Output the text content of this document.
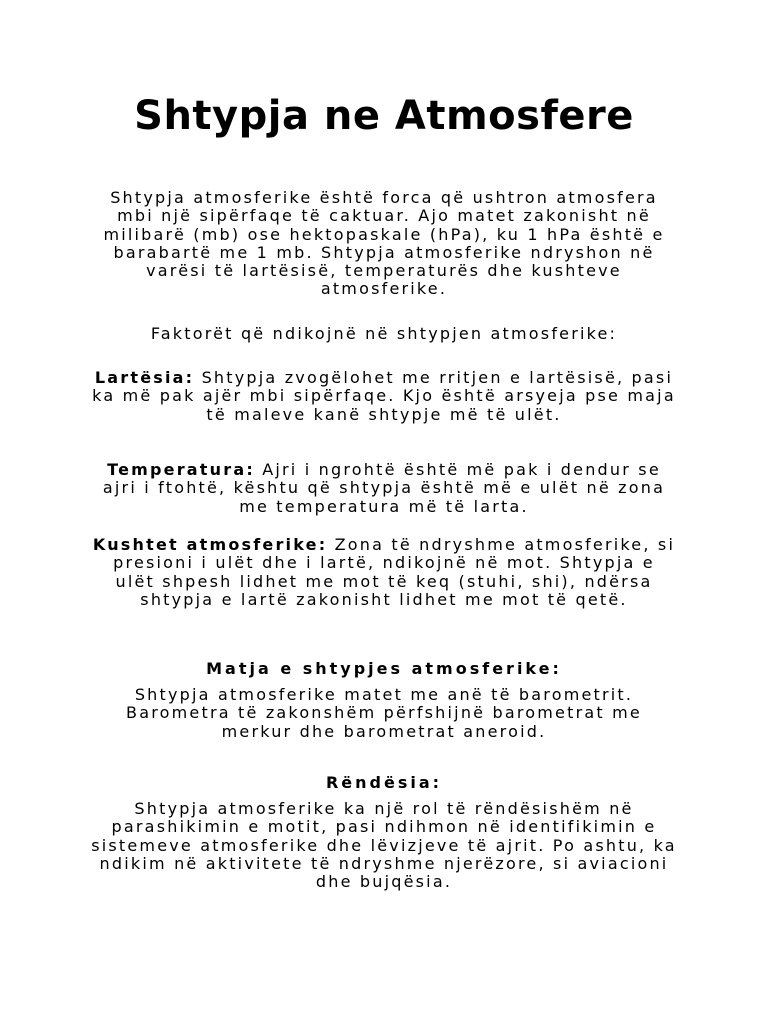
Shtypja ne Atmosfere

Shtypja atmosferike është forca që ushtron atmosfera mbi një sipërfaqe të caktuar. Ajo matet zakonisht në milibarë (mb) ose hektopaskale (hPa), ku 1 hPa është e barabartë me 1 mb. Shtypja atmosferike ndryshon në varësi të lartësisë, temperaturës dhe kushteve atmosferike.

Faktorët që ndikojnë në shtypjen atmosferike:

Lartësia: Shtypja zvogëlohet me rritjen e lartësisë, pasi ka më pak ajër mbi sipërfaqe. Kjo është arsyeja pse maja të maleve kanë shtypje më të ulët.

Temperatura: Ajri i ngrohtë është më pak i dendur se ajri i ftohtë, kështu që shtypja është më e ulët në zona me temperatura më të larta.

Kushtet atmosferike: Zona të ndryshme atmosferike, si presioni i ulët dhe i lartë, ndikojnë në mot. Shtypja e ulët shpesh lidhet me mot të keq (stuhi, shi), ndërsa shtypja e lartë zakonisht lidhet me mot të qetë.

Matja e shtypjes atmosferike:

Shtypja atmosferike matet me anë të barometrit. Barometra të zakonshëm përfshijnë barometrat me merkur dhe barometrat aneroid.

Rëndësia:

Shtypja atmosferike ka një rol të rëndësishëm në parashikimin e motit, pasi ndihmon në identifikimin e sistemeve atmosferike dhe lëvizjeve të ajrit. Po ashtu, ka ndikim në aktivitete të ndryshme njerëzore, si aviacioni dhe bujqësia.
